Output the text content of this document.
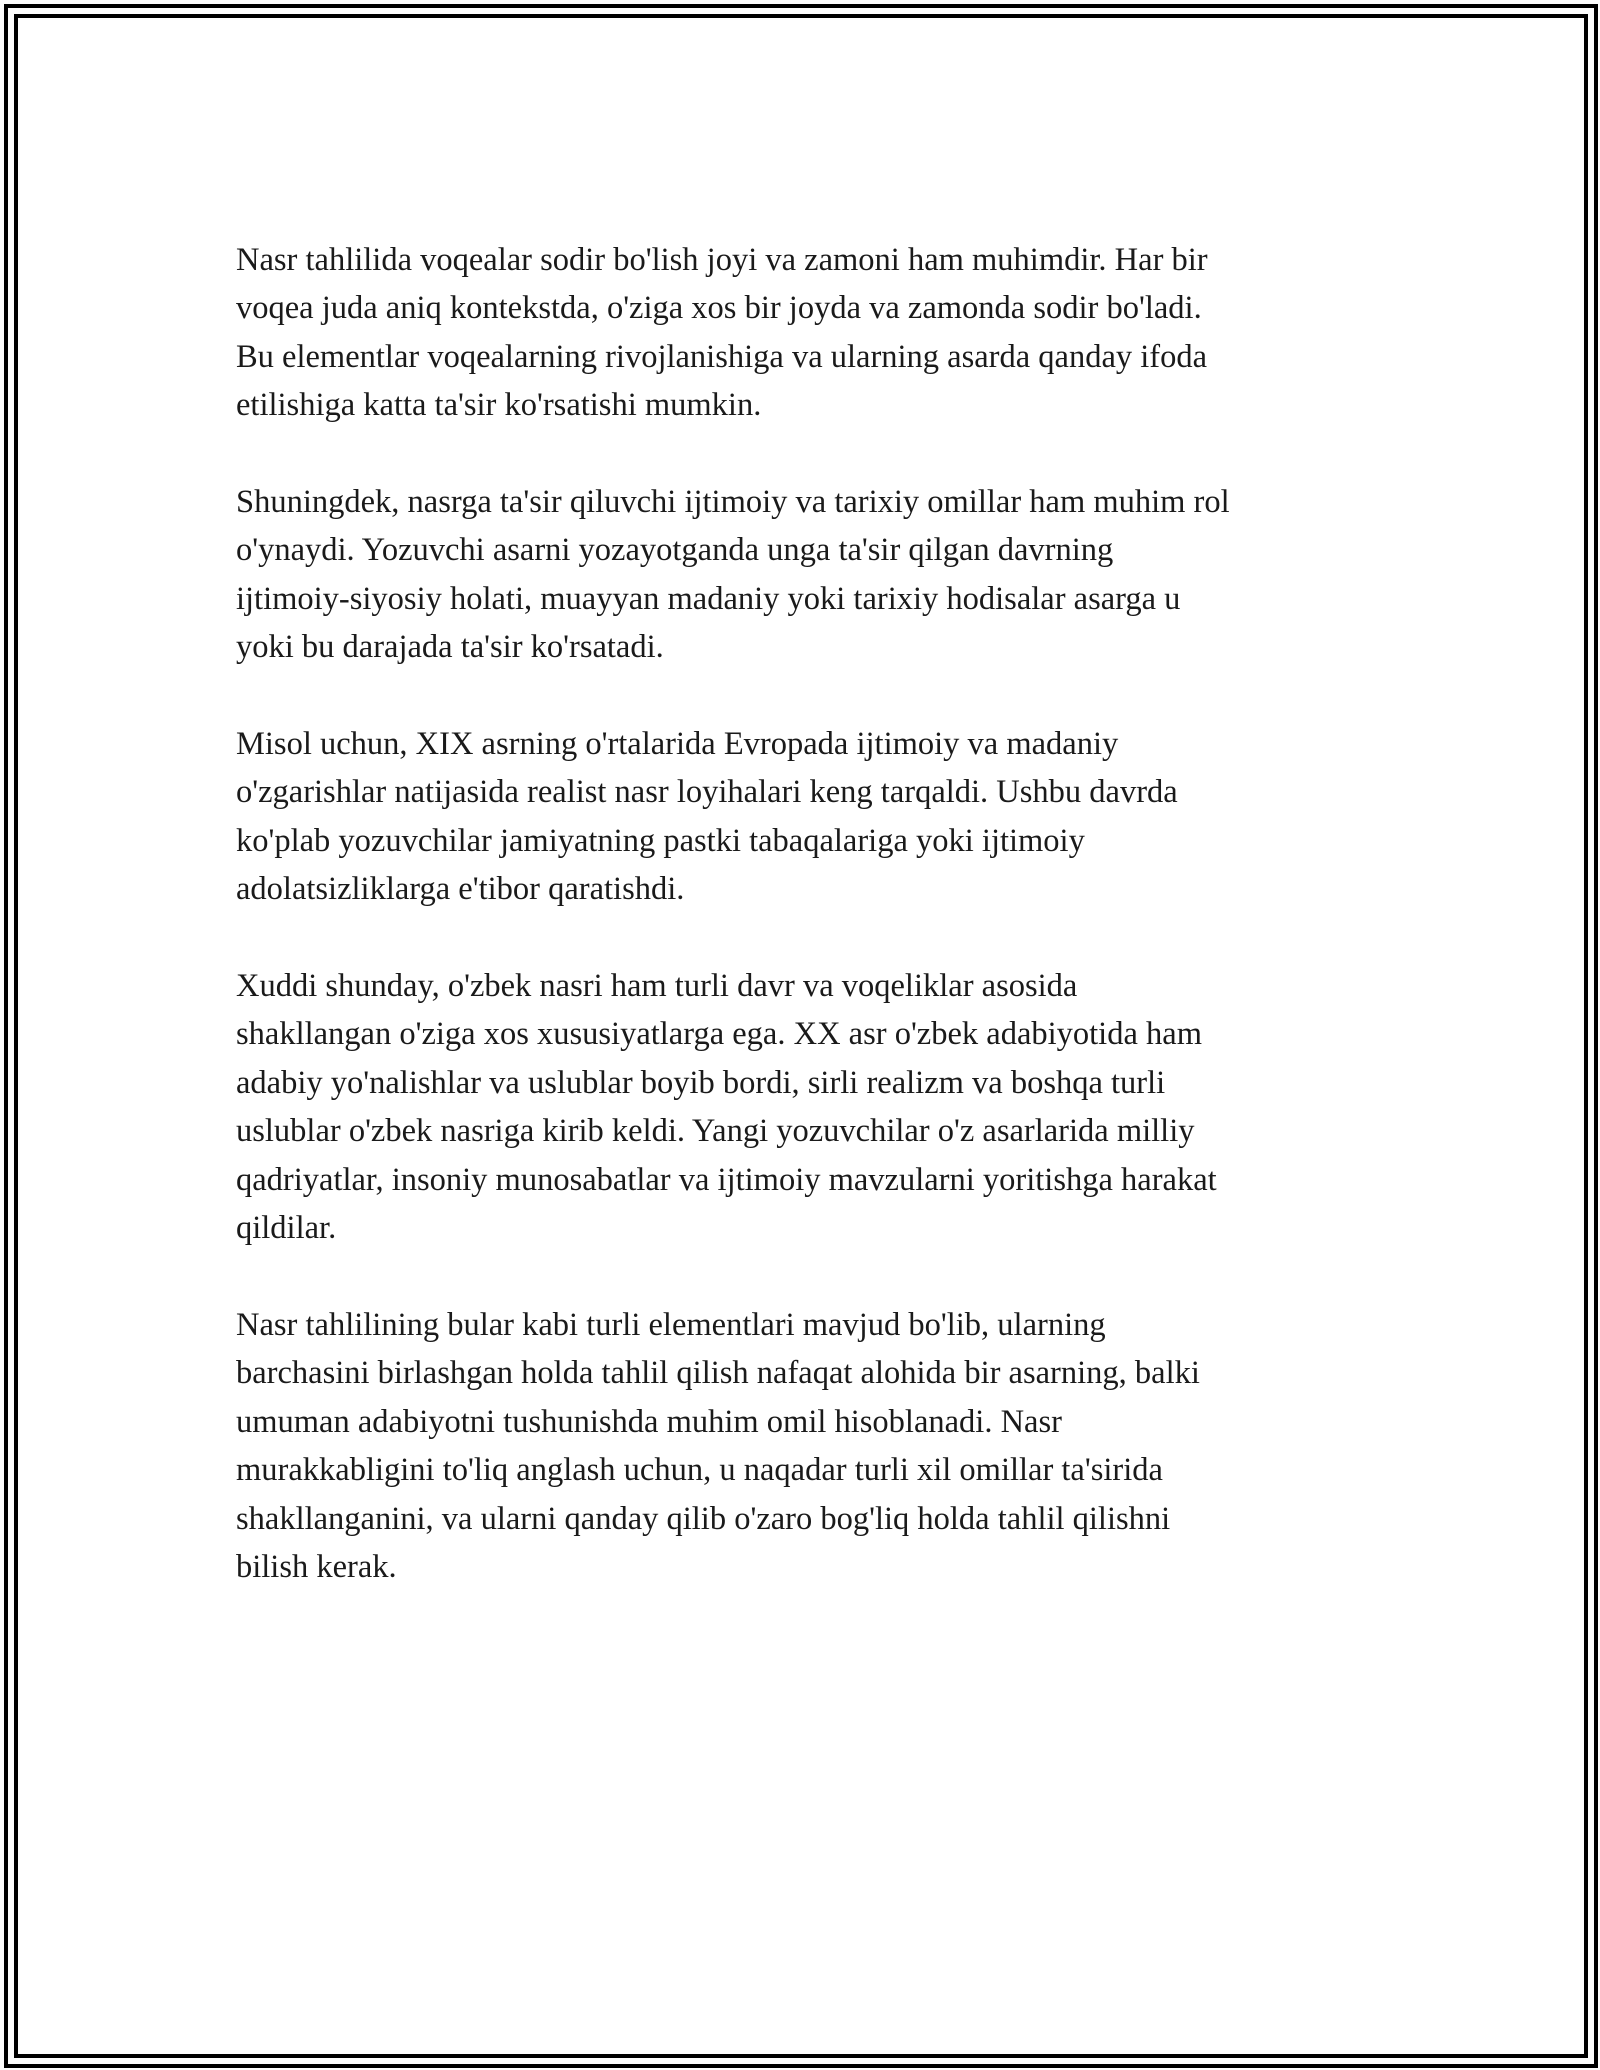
Nasr tahlilida voqealar sodir bo'lish joyi va zamoni ham muhimdir. Har bir
voqea juda aniq kontekstda, o'ziga xos bir joyda va zamonda sodir bo'ladi.
Bu elementlar voqealarning rivojlanishiga va ularning asarda qanday ifoda
etilishiga katta ta'sir ko'rsatishi mumkin.

Shuningdek, nasrga ta'sir qiluvchi ijtimoiy va tarixiy omillar ham muhim rol
o'ynaydi. Yozuvchi asarni yozayotganda unga ta'sir qilgan davrning
ijtimoiy-siyosiy holati, muayyan madaniy yoki tarixiy hodisalar asarga u
yoki bu darajada ta'sir ko'rsatadi.

Misol uchun, XIX asrning o'rtalarida Evropada ijtimoiy va madaniy
o'zgarishlar natijasida realist nasr loyihalari keng tarqaldi. Ushbu davrda
ko'plab yozuvchilar jamiyatning pastki tabaqalariga yoki ijtimoiy
adolatsizliklarga e'tibor qaratishdi.

Xuddi shunday, o'zbek nasri ham turli davr va voqeliklar asosida
shakllangan o'ziga xos xususiyatlarga ega. XX asr o'zbek adabiyotida ham
adabiy yo'nalishlar va uslublar boyib bordi, sirli realizm va boshqa turli
uslublar o'zbek nasriga kirib keldi. Yangi yozuvchilar o'z asarlarida milliy
qadriyatlar, insoniy munosabatlar va ijtimoiy mavzularni yoritishga harakat
qildilar.

Nasr tahlilining bular kabi turli elementlari mavjud bo'lib, ularning
barchasini birlashgan holda tahlil qilish nafaqat alohida bir asarning, balki
umuman adabiyotni tushunishda muhim omil hisoblanadi. Nasr
murakkabligini to'liq anglash uchun, u naqadar turli xil omillar ta'sirida
shakllanganini, va ularni qanday qilib o'zaro bog'liq holda tahlil qilishni
bilish kerak.
